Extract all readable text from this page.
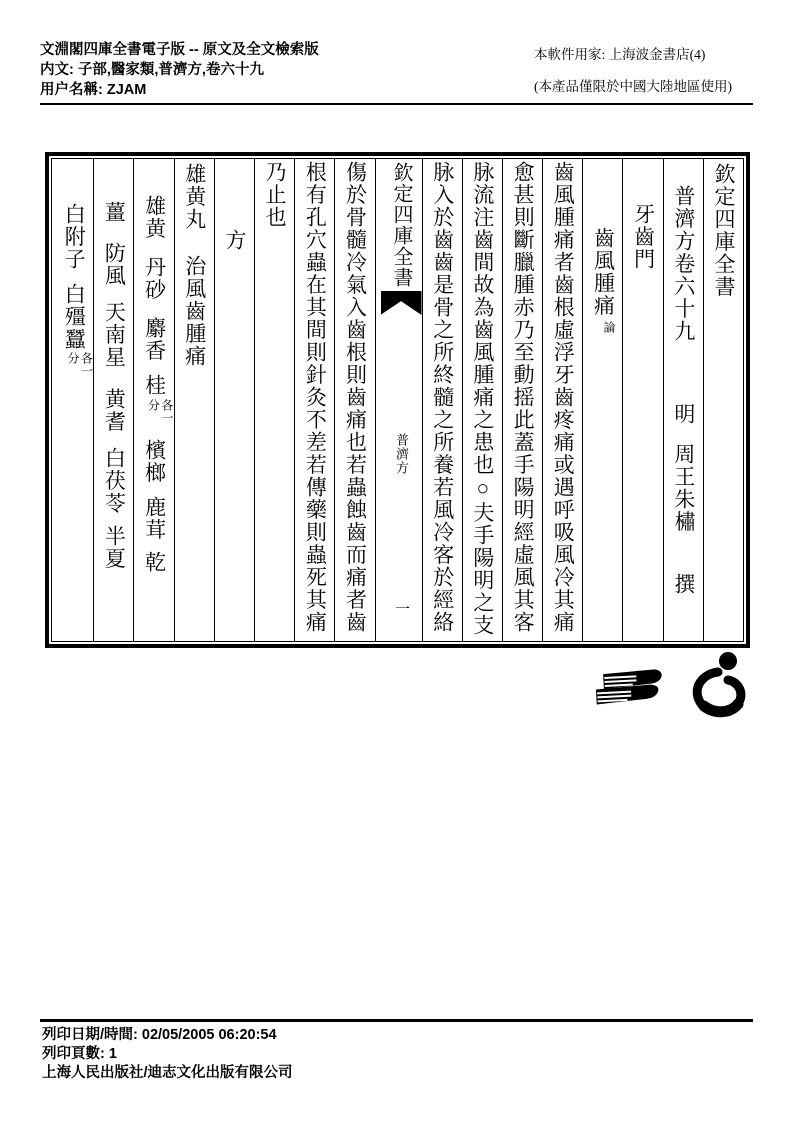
文淵閣四庫全書電子版 -- 原文及全文檢索版
内文: 子部,醫家類,普濟方,卷六十九
用户名稱: ZJAM
本軟件用家: 上海波金書店(4)
(本產品僅限於中國大陸地區使用)
欽定四庫全書
普濟方卷六十九明周王朱橚撰
牙齒門
齒風腫痛論
齒風腫痛者齒根虛浮牙齒疼痛或遇呼吸風冷其痛
愈甚則斷臘腫赤乃至動摇此蓋手陽明經虛風其客
脉流注齒間故為齒風腫痛之患也○夫手陽明之支
脉入於齒齒是骨之所終髓之所養若風冷客於經絡
欽定四庫全書普濟方一
傷於骨髓冷氣入齒根則齒痛也若蟲蝕齒而痛者齒
根有孔穴蟲在其間則針灸不差若傳藥則蟲死其痛
乃止也
方
雄黄丸治風齒腫痛
雄黄丹砂麝香桂各一分檳榔鹿茸乾
薑防風天南星黄耆白茯苓半夏
白附子白殭蠶各一分
列印日期/時間: 02/05/2005 06:20:54
列印頁數: 1
上海人民出版社/迪志文化出版有限公司
